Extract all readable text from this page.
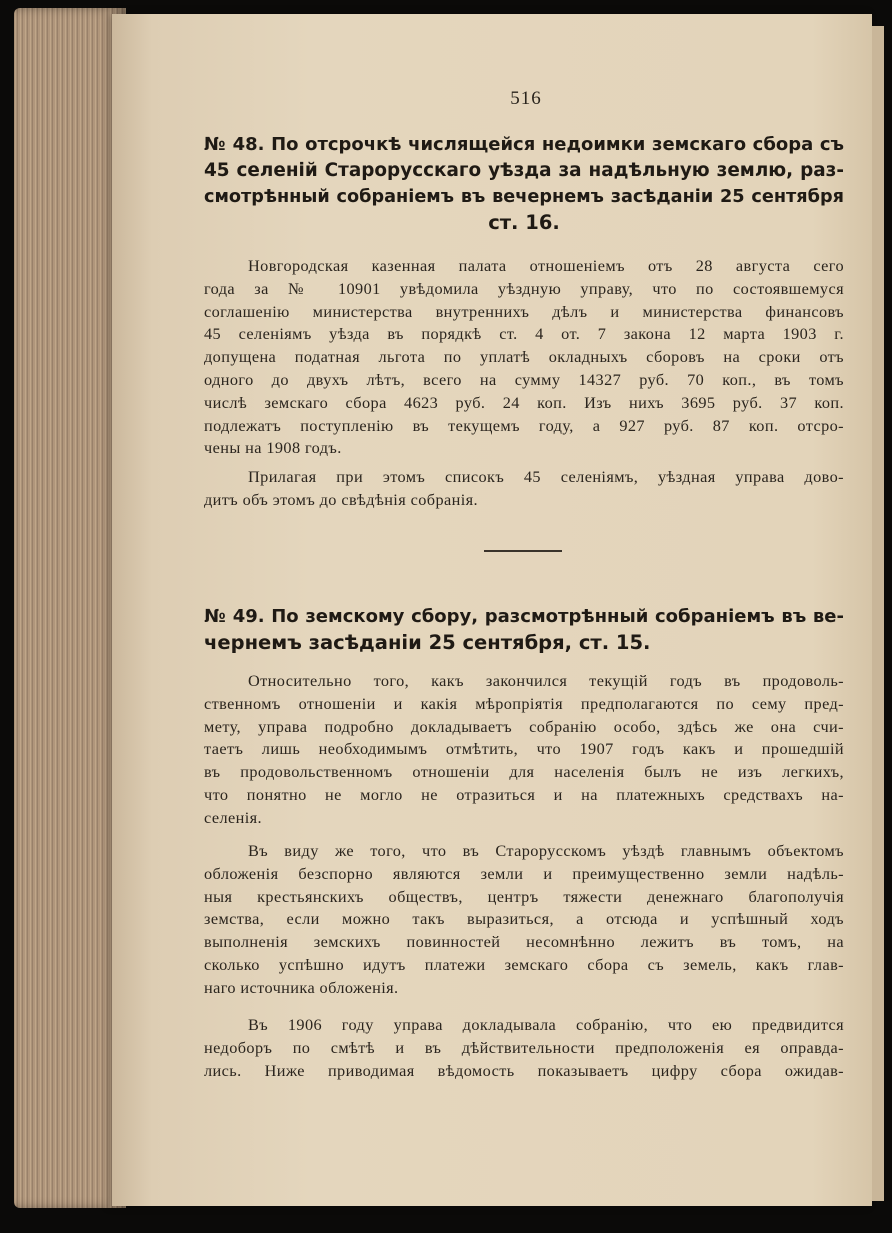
516
№ 48. По отсрочкѣ числящейся недоимки земскаго сбора съ
45 селеній Старорусскаго уѣзда за надѣльную землю, раз-
смотрѣнный собраніемъ въ вечернемъ засѣданіи 25 сентября
ст. 16.
Новгородская казенная палата отношеніемъ отъ 28 августа сего
года за № 10901 увѣдомила уѣздную управу, что по состоявшемуся
соглашенію министерства внутреннихъ дѣлъ и министерства финансовъ
45 селеніямъ уѣзда въ порядкѣ ст. 4 от. 7 закона 12 марта 1903 г.
допущена податная льгота по уплатѣ окладныхъ сборовъ на сроки отъ
одного до двухъ лѣтъ, всего на сумму 14327 руб. 70 коп., въ томъ
числѣ земскаго сбора 4623 руб. 24 коп. Изъ нихъ 3695 руб. 37 коп.
подлежатъ поступленію въ текущемъ году, а 927 руб. 87 коп. отсро-
чены на 1908 годъ.
Прилагая при этомъ списокъ 45 селеніямъ, уѣздная управа дово-
дитъ объ этомъ до свѣдѣнія собранія.
№ 49. По земскому сбору, разсмотрѣнный собраніемъ въ ве-
чернемъ засѣданіи 25 сентября, ст. 15.
Относительно того, какъ закончился текущій годъ въ продоволь-
ственномъ отношеніи и какія мѣропріятія предполагаются по сему пред-
мету, управа подробно докладываетъ собранію особо, здѣсь же она счи-
таетъ лишь необходимымъ отмѣтить, что 1907 годъ какъ и прошедшій
въ продовольственномъ отношеніи для населенія былъ не изъ легкихъ,
что понятно не могло не отразиться и на платежныхъ средствахъ на-
селенія.
Въ виду же того, что въ Старорусскомъ уѣздѣ главнымъ объектомъ
обложенія безспорно являются земли и преимущественно земли надѣль-
ныя крестьянскихъ обществъ, центръ тяжести денежнаго благополучія
земства, если можно такъ выразиться, а отсюда и успѣшный ходъ
выполненія земскихъ повинностей несомнѣнно лежитъ въ томъ, на
сколько успѣшно идутъ платежи земскаго сбора съ земель, какъ глав-
наго источника обложенія.
Въ 1906 году управа докладывала собранію, что ею предвидится
недоборъ по смѣтѣ и въ дѣйствительности предположенія ея оправда-
лись. Ниже приводимая вѣдомость показываетъ цифру сбора ожидав-
